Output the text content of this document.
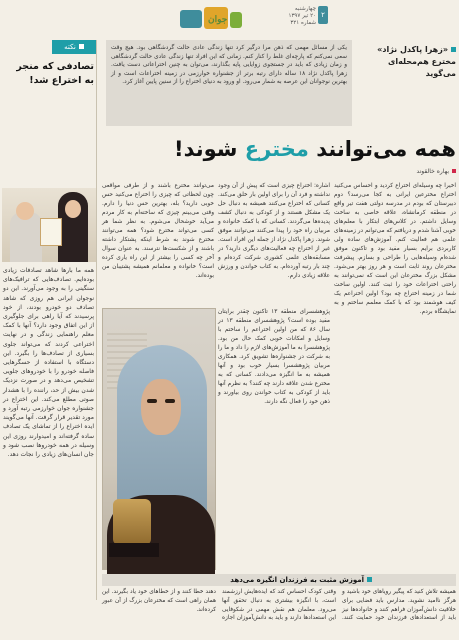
جوان
چهارشنبه
۲۰ تیر ۱۳۹۷
شماره ۳۲۱
۲
نکته
تصادفی که منجر به اختراع شد!
همه ما بارها شاهد تصادفات زیادی بوده‌ایم. تصادف‌هایی که ترافیک‌های سنگینی را به وجود می‌آورند. این دو نوجوان ایرانی هم روزی که شاهد تصادف دو خودرو بودند، از خود پرسیدند که آیا راهی برای جلوگیری از این اتفاق وجود دارد؟ آنها با کمک معلم راهنمایی زندگی و در نهایت اختراعی کردند که می‌تواند جلوی بسیاری از تصادف‌ها را بگیرد. این دستگاه با استفاده از حسگرهایی فاصله خودرو را با خودروهای جلویی تشخیص می‌دهد و در صورت نزدیک شدن بیش از حد، راننده را با هشدار صوتی مطلع می‌کند. این اختراع در جشنواره جوان خوارزمی رتبه آورد و مورد تقدیر قرار گرفت. آنها می‌گویند ایده اختراع را از تماشای یک تصادف ساده گرفته‌اند و امیدوارند روزی این وسیله در همه خودروها نصب شود و جان انسان‌های زیادی را نجات دهد.
یکی از مسائل مهمی که ذهن مرا درگیر کرد تنها زندگی عادی حالت گردشگاهی بود. هیچ وقت سعی نمی‌کنم که پارچه‌ای غلط را کنار کنم. زمانی که این افراد تنها زندگی عادی حالت گردشگاهی و زمان زیادی که باید در جستجوی زوایایی پایه بگذارند، می‌توان به چنین اختراعاتی دست یافت. زهرا پاکدل نژاد ۱۸ ساله دارای رتبه برتر از جشنواره خوارزمی در زمینه اختراعات است و از بهترین نوجوانان این عرصه به شمار می‌رود. او ورود به دنیای اختراع را از سنین پایین آغاز کرد.
«زهرا پاکدل نژاد» مخترع هم‌محله‌ای می‌گوید
همه می‌توانند مخترع شوند!
بهاره خالقوند
اخیرا چه وسیله‌ای اختراع کردید و احساس می‌کنید اختراع مخترعین ایرانی به کجا می‌رسد؟ دوم دبیرستان که بودم در مدرسه دولتی هفت تیر واقع در منطقه کرمانشاه، علاقه خاصی به ساخت وسایل داشتم. در کلاس‌های ابتکار با معلم‌های خوبی آشنا شدم و دریافتم که می‌توانم در زمینه‌های علمی هم فعالیت کنم. آموزش‌های ساده ولی کاربردی برایم بسیار مفید بود و تاکنون موفق شده‌ام وسیله‌هایی را طراحی و بسازم. پیشرفت مخترعان روند ثابت است و هر روز بهتر می‌شود. مشکل بزرگ مخترعان این است که نمی‌توانند به راحتی اختراعات خود را ثبت کنند. اولین ساخت شما در زمینه اختراع چه بود؟ اولین اختراعم یک کیف هوشمند بود که با کمک معلمم ساختم و به نمایشگاه بردم.
اشاره: اختراع چیزی است که پیش از آن وجود نداشته و فرد آن را برای اولین بار خلق می‌کند. کسانی که اختراع می‌کنند همیشه به دنبال حل یک مشکل هستند و از کودکی به دنبال کشف پدیده‌ها می‌گردند. کسانی که با کمک خانواده و مربیان راه خود را پیدا می‌کنند می‌توانند موفق شوند. زهرا پاکدل نژاد از جمله این افراد است. غیر از اختراع چه فعالیت‌های دیگری دارید؟ در مسابقه‌های علمی کشوری شرکت کرده‌ام و چند بار رتبه آورده‌ام. به کتاب خواندن و ورزش علاقه زیادی دارم.
می‌توانند مخترع باشند و از طرفی مواقعی چون لحظاتی که چیزی را اختراع می‌کنید حس خوبی دارید؟ بله، بهترین حس دنیا را دارم. وقتی می‌بینم چیزی که ساخته‌ام به کار مردم می‌آید خوشحال می‌شوم. به نظر شما هر کسی می‌تواند مخترع شود؟ همه می‌توانند مخترع شوند به شرط اینکه پشتکار داشته باشند و از شکست‌ها نترسند. به عنوان سوال آخر چه کسی را بیشتر از این راه یاری کرده است؟ خانواده و معلمانم همیشه پشتیبان من بوده‌اند.
پژوهشسرای منطقه ۱۳ تاکنون چقدر برایتان مفید بوده است؟ پژوهشسرای منطقه ۱۳ در سال ۸۶ که من اولین اختراعم را ساختم با وسایل و امکانات خوبی کمک حال من بود. پژوهشسرا به ما آموزش‌های لازم را داد و ما را به شرکت در جشنواره‌ها تشویق کرد. همکاری مربیان پژوهشسرا بسیار خوب بود و آنها همیشه به ما انگیزه می‌دادند. کسانی که به مخترع شدن علاقه دارند چه کنند؟ به نظرم آنها باید از کودکی به کتاب خواندن روی بیاورند و ذهن خود را فعال نگه دارند.
آموزش مثبت به فرزندان انگیزه می‌دهد
همیشه تلاش کنید که پیگیر رویاهای خود باشید و هرگز ناامید نشوید. مدارس باید فضایی برای خلاقیت دانش‌آموزان فراهم کنند و خانواده‌ها نیز باید از استعدادهای فرزندان خود حمایت کنند. وقتی کودک احساس کند که ایده‌هایش ارزشمند است، با انگیزه بیشتری به دنبال تحقق آنها می‌رود. معلمان هم نقش مهمی در شکوفایی این استعدادها دارند و باید به دانش‌آموزان اجازه دهند خطا کنند و از خطاهای خود یاد بگیرند. این همان راهی است که مخترعان بزرگ از آن عبور کرده‌اند.
